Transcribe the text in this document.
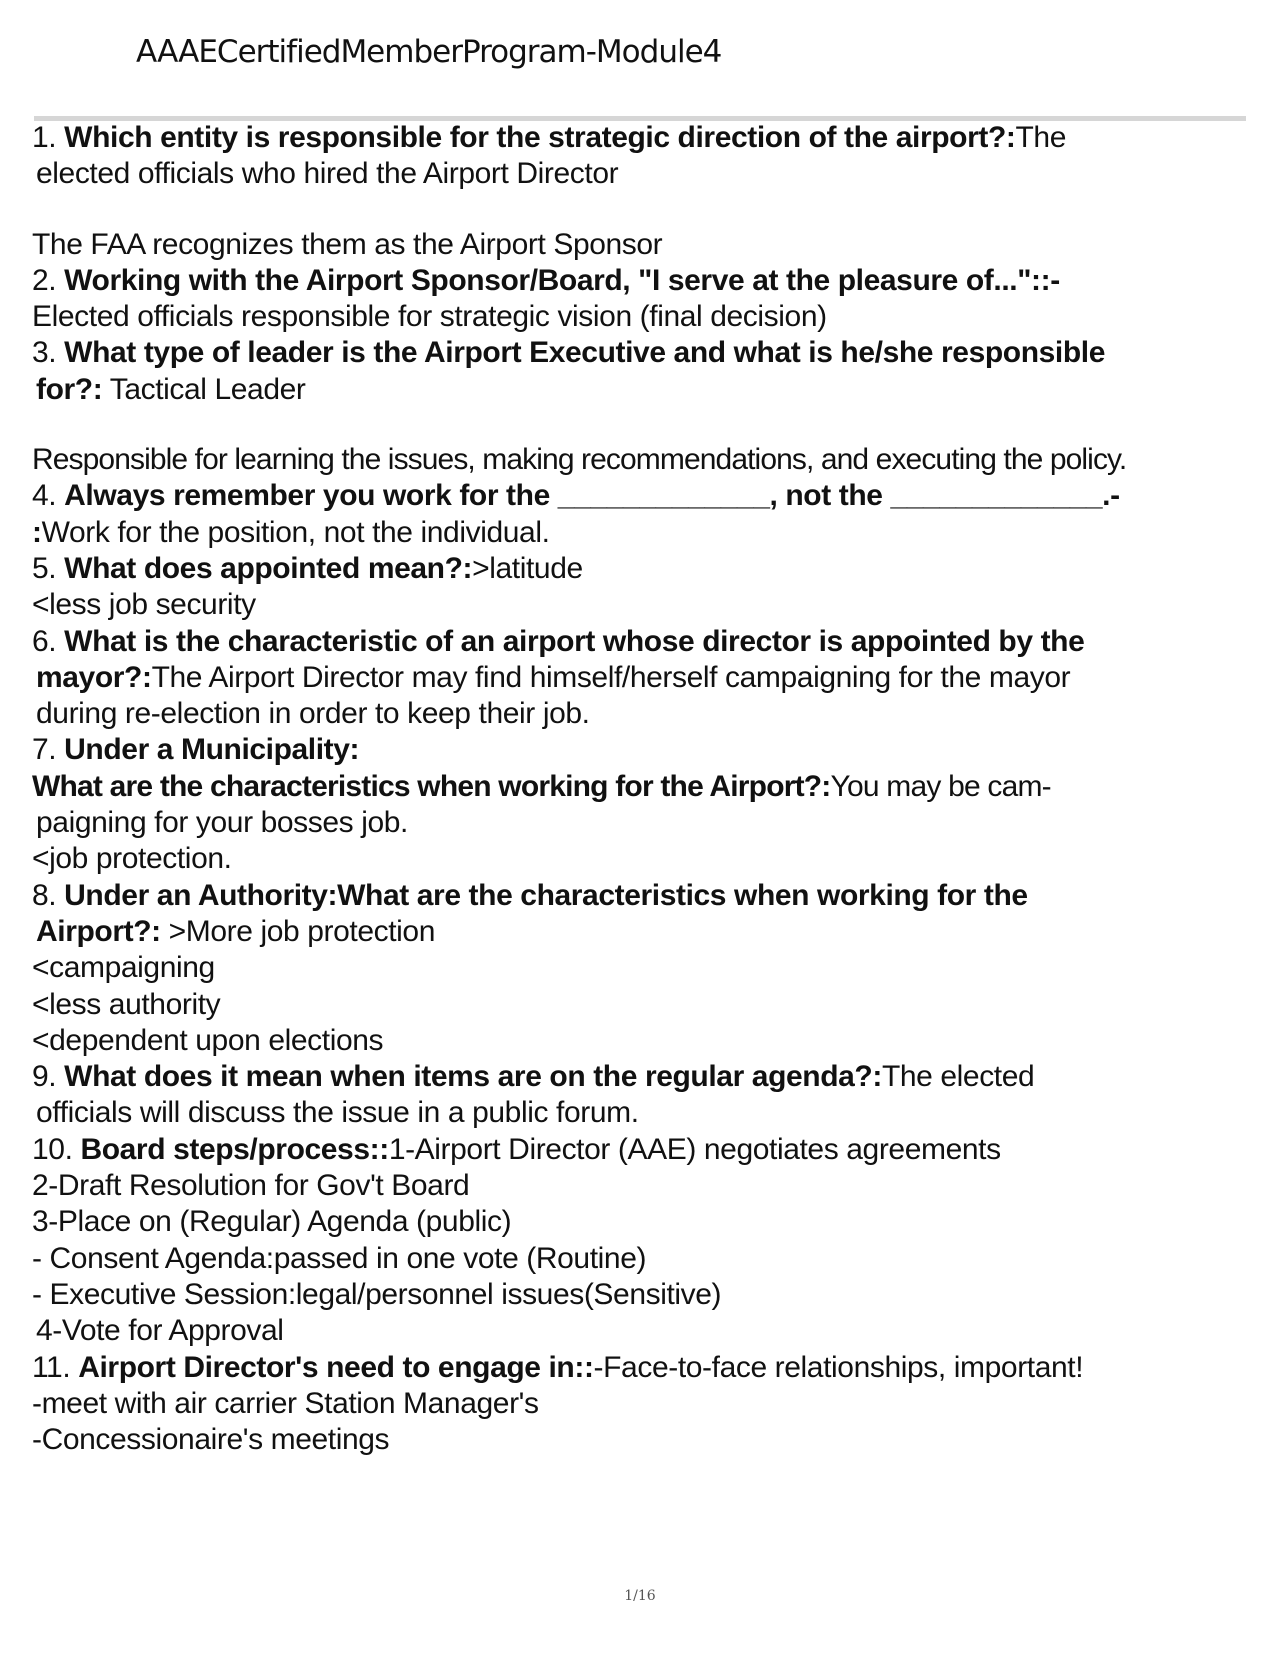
AAAECertifiedMemberProgram-Module4
1. Which entity is responsible for the strategic direction of the airport?:The
elected officials who hired the Airport Director
The FAA recognizes them as the Airport Sponsor
2. Working with the Airport Sponsor/Board, "I serve at the pleasure of..."::-
Elected officials responsible for strategic vision (final decision)
3. What type of leader is the Airport Executive and what is he/she responsible
for?: Tactical Leader
Responsible for learning the issues, making recommendations, and executing the policy.
4. Always remember you work for the _____________, not the _____________.-
:Work for the position, not the individual.
5. What does appointed mean?:>latitude
<less job security
6. What is the characteristic of an airport whose director is appointed by the
mayor?:The Airport Director may find himself/herself campaigning for the mayor
during re-election in order to keep their job.
7. Under a Municipality:
What are the characteristics when working for the Airport?:You may be cam-
paigning for your bosses job.
<job protection.
8. Under an Authority:What are the characteristics when working for the
Airport?: >More job protection
<campaigning
<less authority
<dependent upon elections
9. What does it mean when items are on the regular agenda?:The elected
officials will discuss the issue in a public forum.
10. Board steps/process::1-Airport Director (AAE) negotiates agreements
2-Draft Resolution for Gov't Board
3-Place on (Regular) Agenda (public)
- Consent Agenda:passed in one vote (Routine)
- Executive Session:legal/personnel issues(Sensitive)
4-Vote for Approval
11. Airport Director's need to engage in::-Face-to-face relationships, important!
-meet with air carrier Station Manager's
-Concessionaire's meetings
1/16
